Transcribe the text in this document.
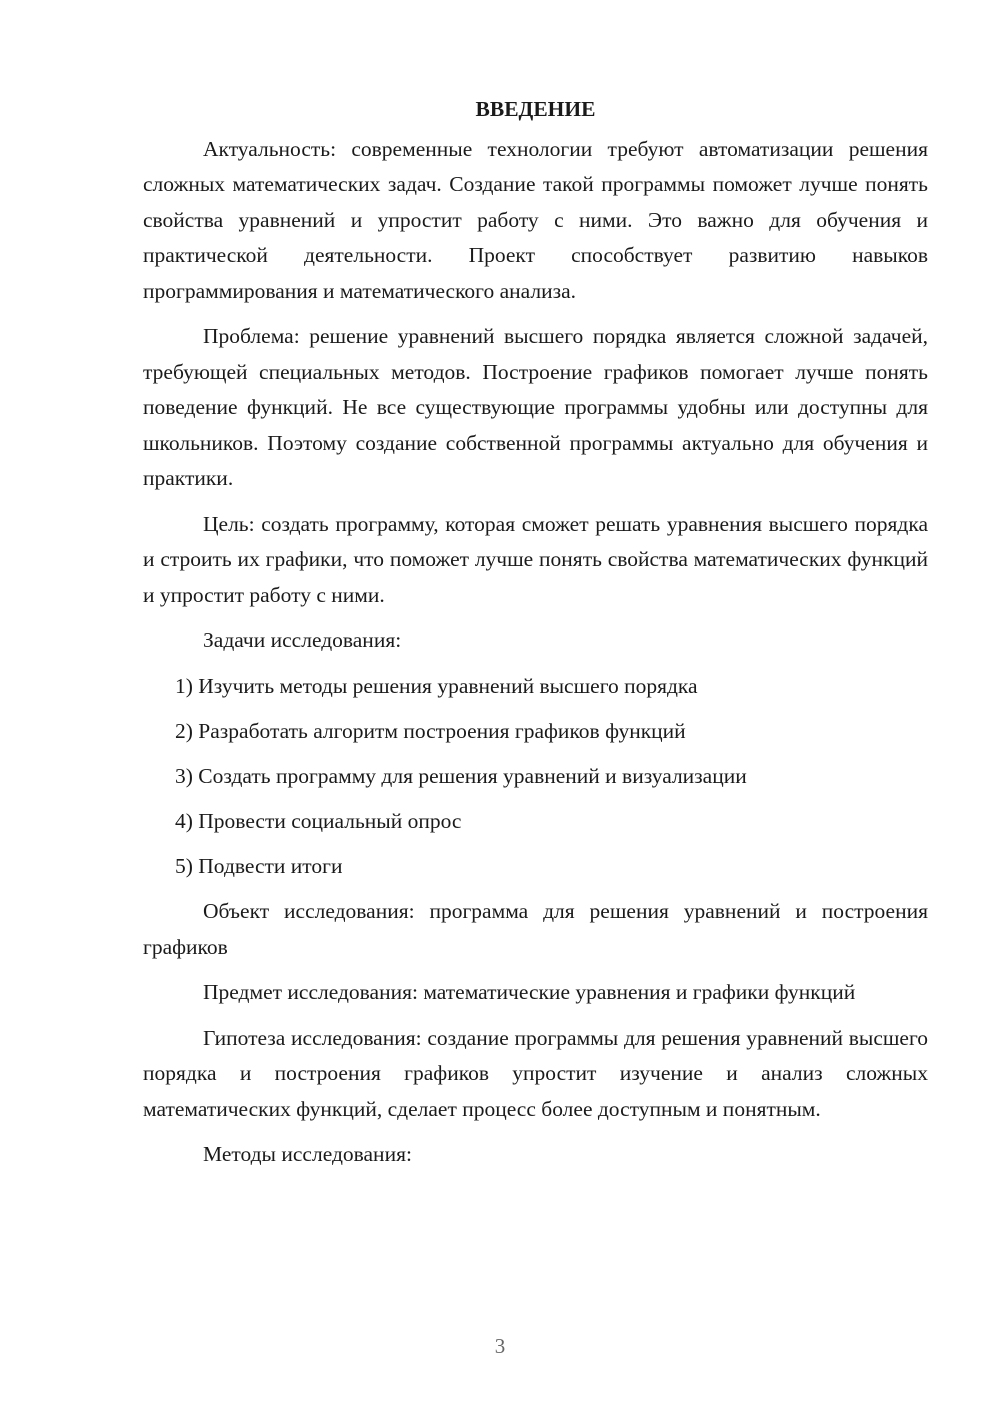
ВВЕДЕНИЕ

Актуальность: современные технологии требуют автоматизации решения сложных математических задач. Создание такой программы поможет лучше понять свойства уравнений и упростит работу с ними. Это важно для обучения и практической деятельности. Проект способствует развитию навыков программирования и математического анализа.

Проблема: решение уравнений высшего порядка является сложной задачей, требующей специальных методов. Построение графиков помогает лучше понять поведение функций. Не все существующие программы удобны или доступны для школьников. Поэтому создание собственной программы актуально для обучения и практики.

Цель: создать программу, которая сможет решать уравнения высшего порядка и строить их графики, что поможет лучше понять свойства математических функций и упростит работу с ними.

Задачи исследования:

1) Изучить методы решения уравнений высшего порядка
2) Разработать алгоритм построения графиков функций
3) Создать программу для решения уравнений и визуализации
4) Провести социальный опрос
5) Подвести итоги

Объект исследования: программа для решения уравнений и построения графиков

Предмет исследования: математические уравнения и графики функций

Гипотеза исследования: создание программы для решения уравнений высшего порядка и построения графиков упростит изучение и анализ сложных математических функций, сделает процесс более доступным и понятным.

Методы исследования:

3
